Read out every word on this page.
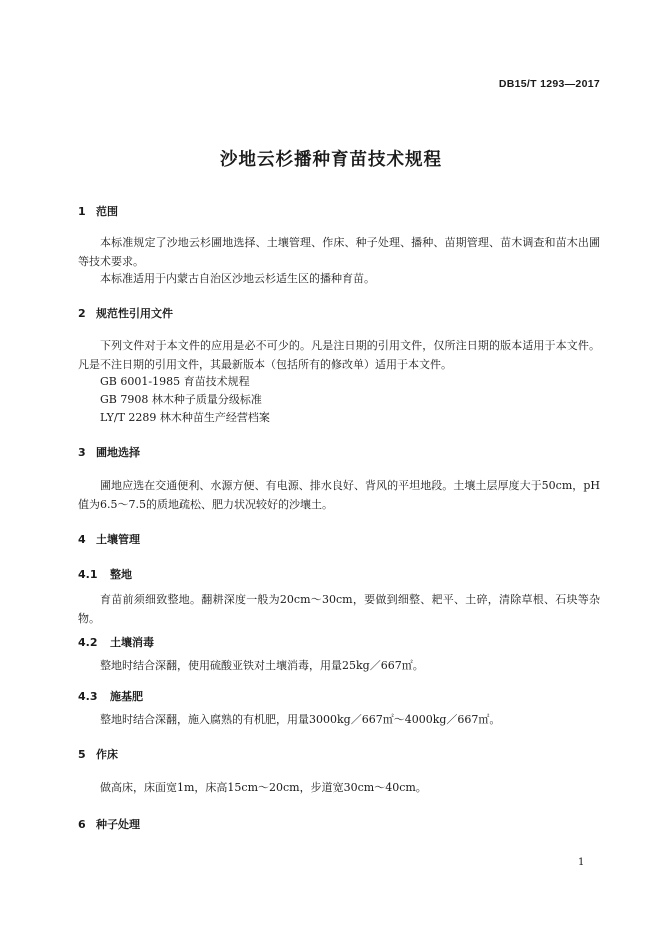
DB15/T 1293—2017
沙地云杉播种育苗技术规程
1 范围
本标准规定了沙地云杉圃地选择、土壤管理、作床、种子处理、播种、苗期管理、苗木调查和苗木出圃等技术要求。
本标准适用于内蒙古自治区沙地云杉适生区的播种育苗。
2 规范性引用文件
下列文件对于本文件的应用是必不可少的。凡是注日期的引用文件，仅所注日期的版本适用于本文件。凡是不注日期的引用文件，其最新版本（包括所有的修改单）适用于本文件。
GB 6001-1985 育苗技术规程
GB 7908 林木种子质量分级标准
LY/T 2289 林木种苗生产经营档案
3 圃地选择
圃地应选在交通便利、水源方便、有电源、排水良好、背风的平坦地段。土壤土层厚度大于50cm，pH值为6.5～7.5的质地疏松、肥力状况较好的沙壤土。
4 土壤管理
4.1 整地
育苗前须细致整地。翻耕深度一般为20cm～30cm，要做到细整、耙平、土碎，清除草根、石块等杂物。
4.2 土壤消毒
整地时结合深翻，使用硫酸亚铁对土壤消毒，用量25kg／667㎡。
4.3 施基肥
整地时结合深翻，施入腐熟的有机肥，用量3000kg／667㎡～4000kg／667㎡。
5 作床
做高床，床面宽1m，床高15cm～20cm，步道宽30cm～40cm。
6 种子处理
1
